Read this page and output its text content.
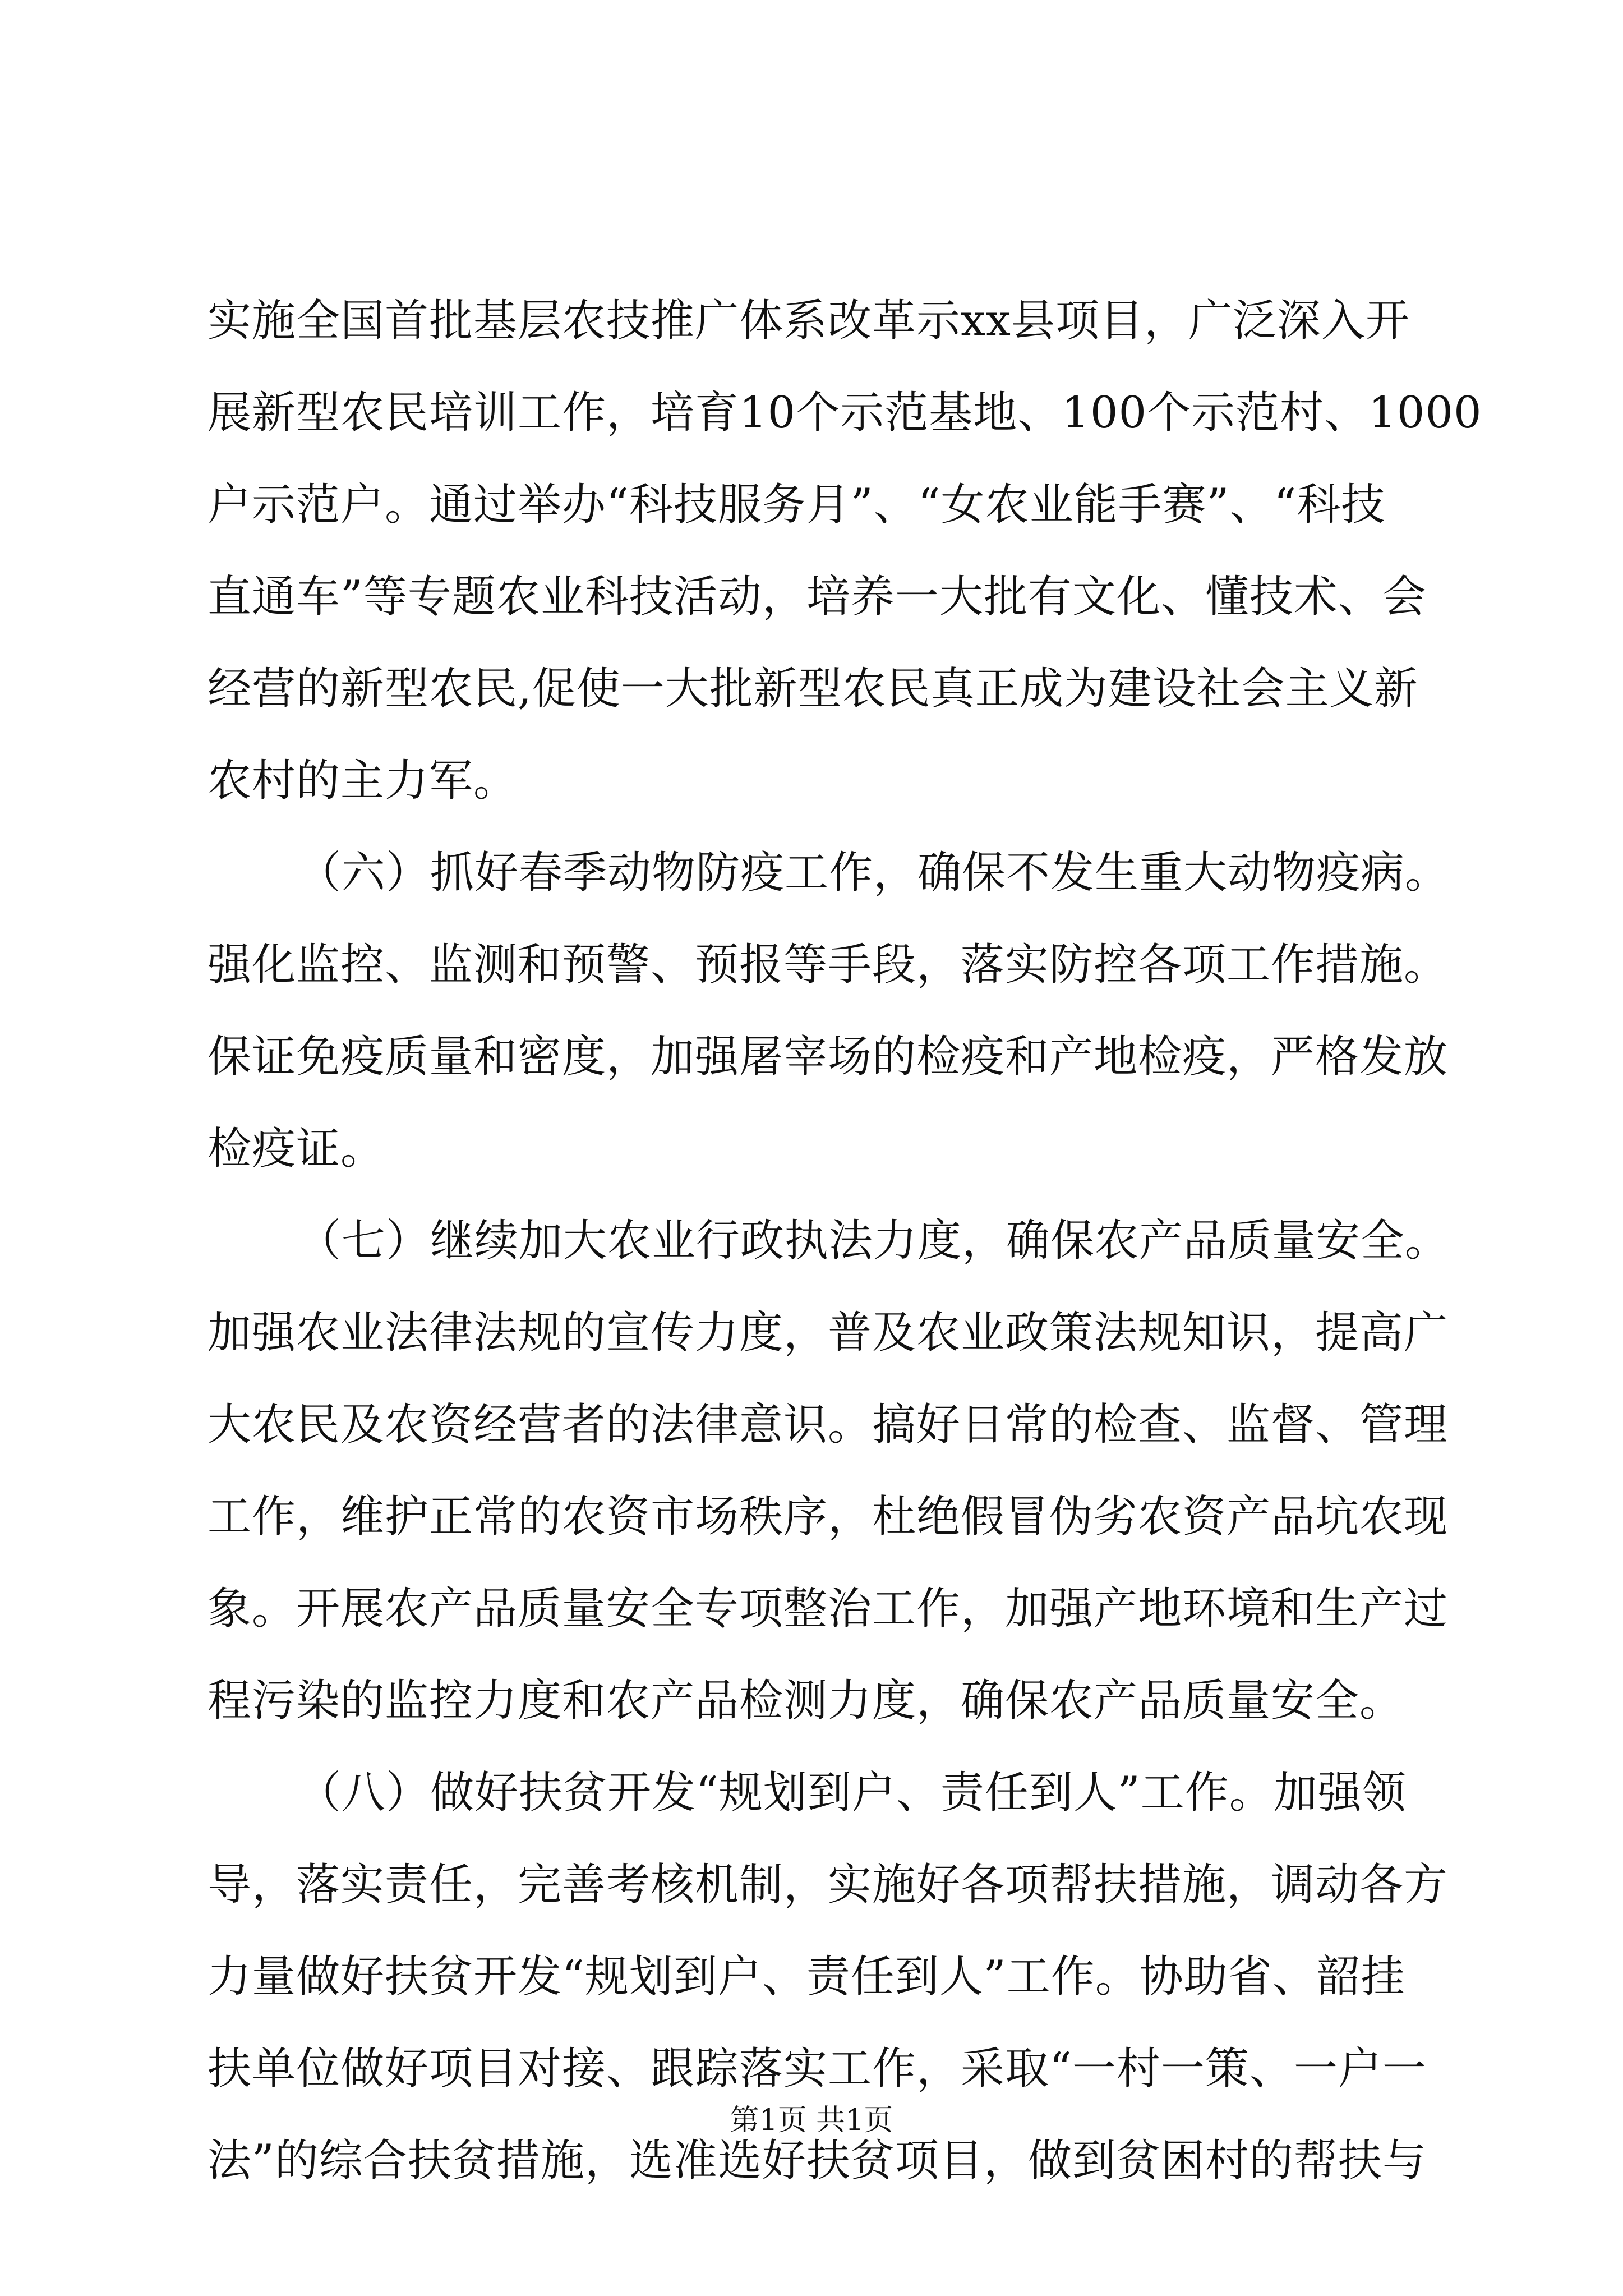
实施全国首批基层农技推广体系改革示xx县项目，广泛深入开
展新型农民培训工作，培育10个示范基地、100个示范村、1000
户示范户。通过举办“科技服务月”、“女农业能手赛”、“科技
直通车”等专题农业科技活动，培养一大批有文化、懂技术、会
经营的新型农民,促使一大批新型农民真正成为建设社会主义新
农村的主力军。
（六）抓好春季动物防疫工作，确保不发生重大动物疫病。
强化监控、监测和预警、预报等手段，落实防控各项工作措施。
保证免疫质量和密度，加强屠宰场的检疫和产地检疫，严格发放
检疫证。
（七）继续加大农业行政执法力度，确保农产品质量安全。
加强农业法律法规的宣传力度，普及农业政策法规知识，提高广
大农民及农资经营者的法律意识。搞好日常的检查、监督、管理
工作，维护正常的农资市场秩序，杜绝假冒伪劣农资产品坑农现
象。开展农产品质量安全专项整治工作，加强产地环境和生产过
程污染的监控力度和农产品检测力度，确保农产品质量安全。
（八）做好扶贫开发“规划到户、责任到人”工作。加强领
导，落实责任，完善考核机制，实施好各项帮扶措施，调动各方
力量做好扶贫开发“规划到户、责任到人”工作。协助省、韶挂
扶单位做好项目对接、跟踪落实工作，采取“一村一策、一户一
法”的综合扶贫措施，选准选好扶贫项目，做到贫困村的帮扶与
第1页 共1页
